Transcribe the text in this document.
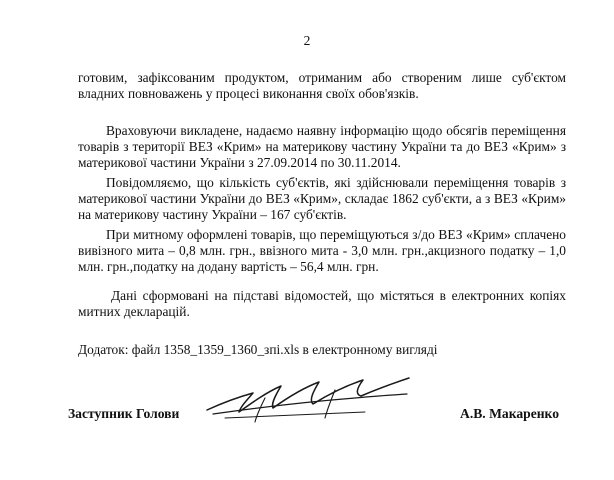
2
готовим, зафіксованим продуктом, отриманим або створеним лише суб'єктом владних повноважень у процесі виконання своїх обов'язків.
Враховуючи викладене, надаємо наявну інформацію щодо обсягів переміщення товарів з території ВЕЗ «Крим» на материкову частину України та до ВЕЗ «Крим» з материкової частини України з 27.09.2014 по 30.11.2014.
Повідомляємо, що кількість суб'єктів, які здійснювали переміщення товарів з материкової частини України до ВЕЗ «Крим», складає 1862 суб'єкти, а з ВЕЗ «Крим» на материкову частину України – 167 суб'єктів.
При митному оформлені товарів, що переміщуються з/до ВЕЗ «Крим» сплачено вивізного мита – 0,8 млн. грн., ввізного мита - 3,0 млн. грн.,акцизного податку – 1,0 млн. грн.,податку на додану вартість – 56,4 млн. грн.
Дані сформовані на підставі відомостей, що містяться в електронних копіях митних декларацій.
Додаток: файл 1358_1359_1360_зпі.xls в електронному вигляді
Заступник Голови	А.В. Макаренко
